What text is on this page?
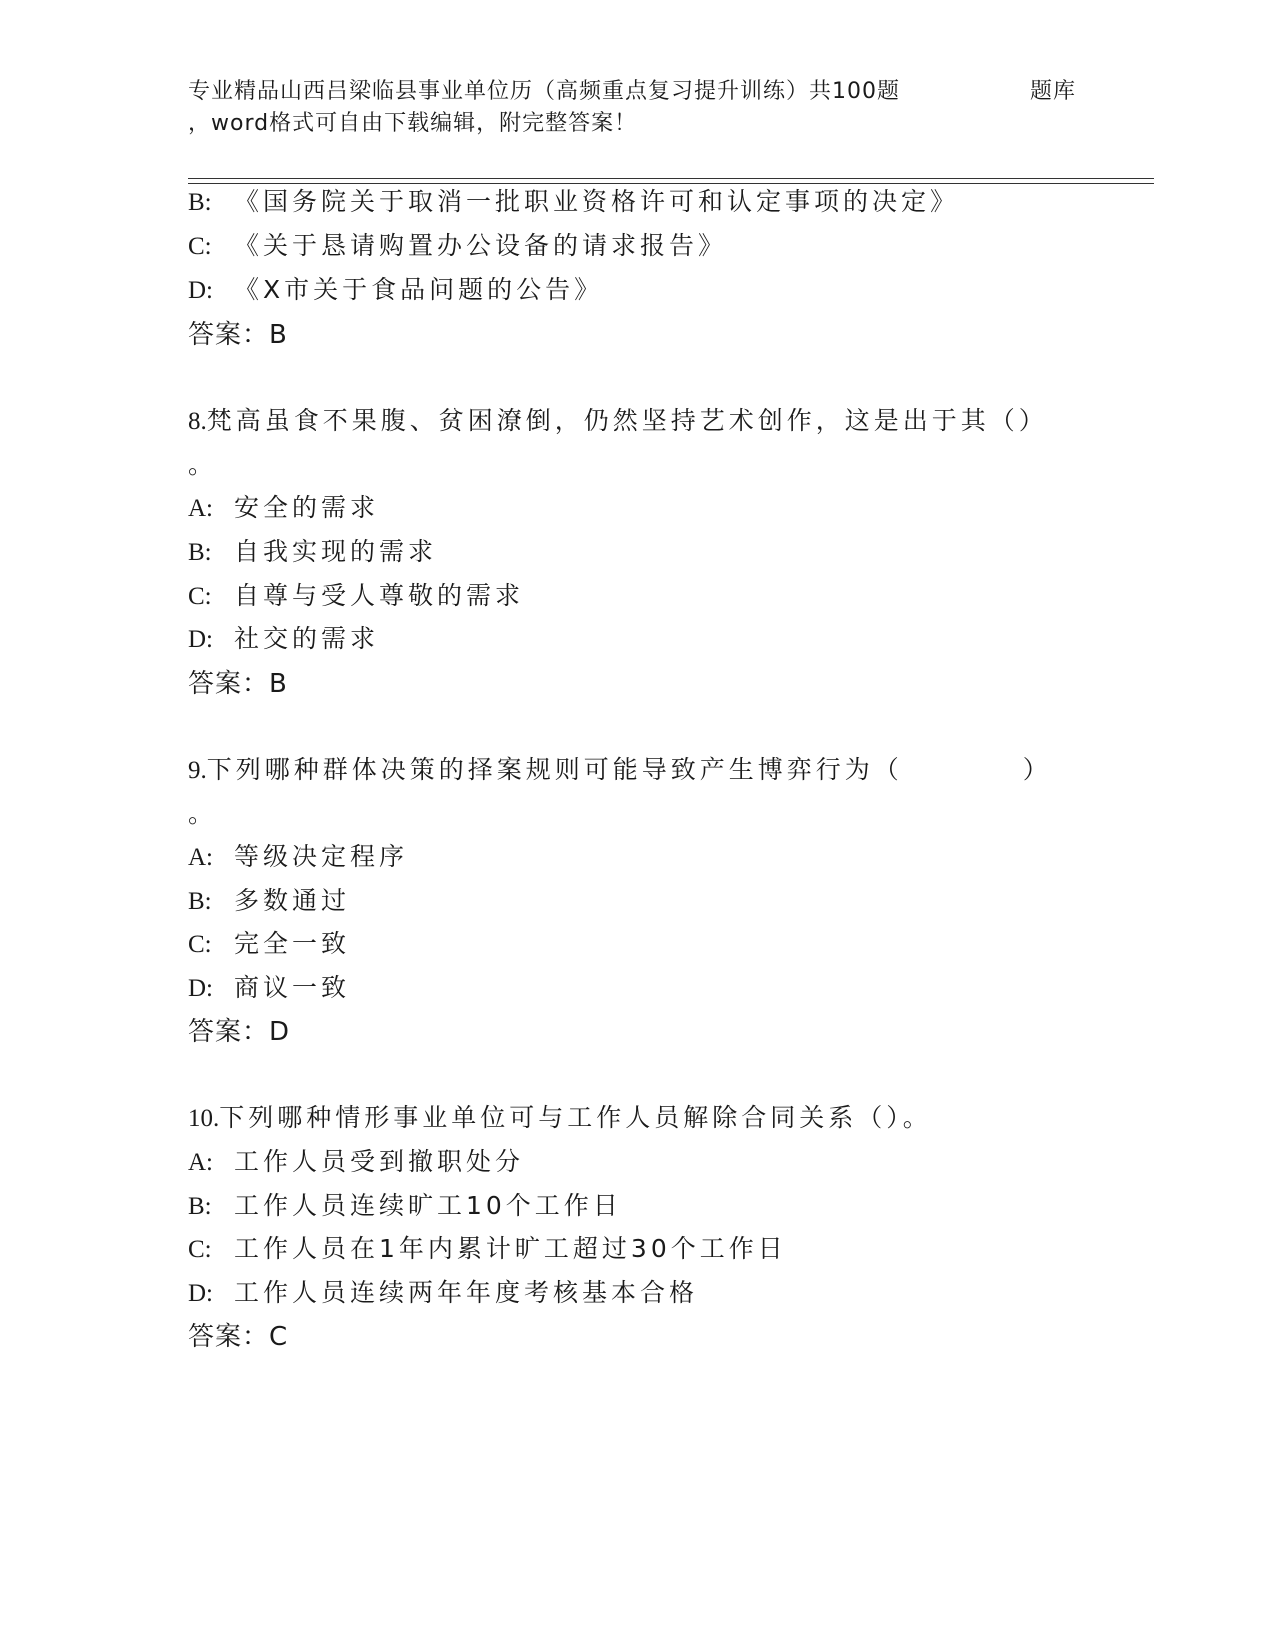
专业精品山西吕梁临县事业单位历（高频重点复习提升训练）共100题	题库
，word格式可自由下载编辑，附完整答案！
B: 《国务院关于取消一批职业资格许可和认定事项的决定》
C: 《关于恳请购置办公设备的请求报告》
D: 《X市关于食品问题的公告》
答案：B
8.梵高虽食不果腹、贫困潦倒，仍然坚持艺术创作，这是出于其（）
。
A: 安全的需求
B: 自我实现的需求
C: 自尊与受人尊敬的需求
D: 社交的需求
答案：B
9.下列哪种群体决策的择案规则可能导致产生博弈行为（	）
。
A: 等级决定程序
B: 多数通过
C: 完全一致
D: 商议一致
答案：D
10.下列哪种情形事业单位可与工作人员解除合同关系（）。
A: 工作人员受到撤职处分
B: 工作人员连续旷工10个工作日
C: 工作人员在1年内累计旷工超过30个工作日
D: 工作人员连续两年年度考核基本合格
答案：C
